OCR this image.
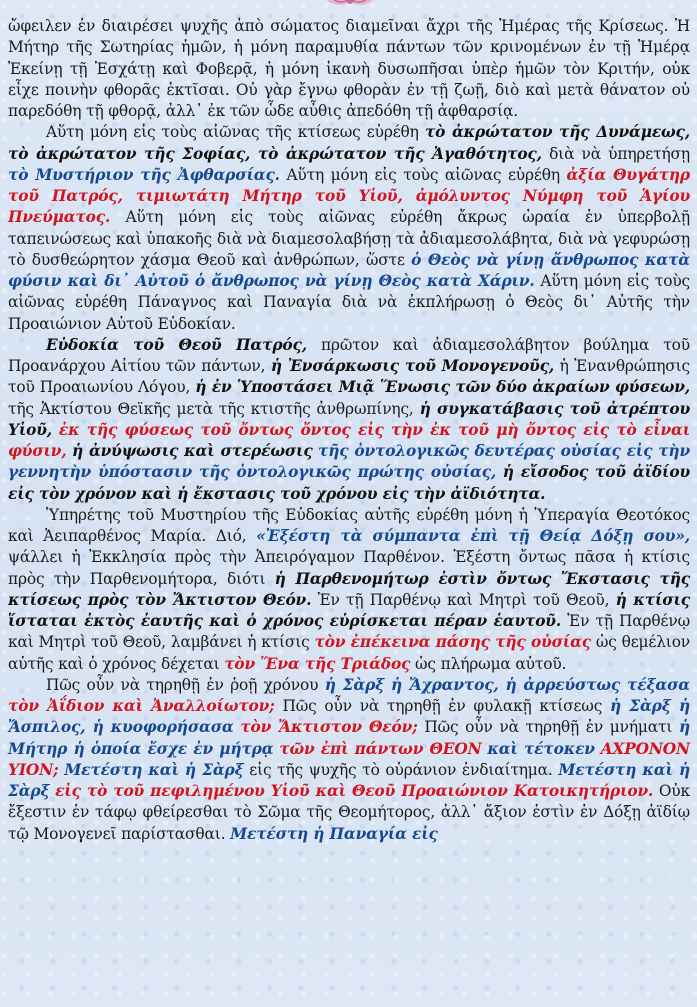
ὤφειλεν ἐν διαιρέσει ψυχῆς ἀπὸ σώματος διαμεῖναι ἄχρι τῆς Ἡμέρας τῆς Κρίσεως. Ἡ Μήτηρ τῆς Σωτηρίας ἡμῶν, ἡ μόνη παραμυθία πάντων τῶν κρινομένων ἐν τῇ Ἡμέρᾳ Ἐκείνῃ τῇ Ἐσχάτῃ καὶ Φοβερᾷ, ἡ μόνη ἱκανὴ δυσωπῆσαι ὑπὲρ ἡμῶν τὸν Κριτήν, οὐκ εἶχε ποινὴν φθορᾶς ἐκτῖσαι. Οὐ γὰρ ἔγνω φθορὰν ἐν τῇ ζωῇ, διὸ καὶ μετὰ θάνατον οὐ παρεδόθη τῇ φθορᾷ, ἀλλ᾽ ἐκ τῶν ὧδε αὖθις ἀπεδόθη τῇ ἀφθαρσίᾳ.

Αὕτη μόνη εἰς τοὺς αἰῶνας τῆς κτίσεως εὑρέθη τὸ ἀκρώτατον τῆς Δυνάμεως, τὸ ἀκρώτατον τῆς Σοφίας, τὸ ἀκρώτατον τῆς Ἀγαθότητος, διὰ νὰ ὑπηρετήσῃ τὸ Μυστήριον τῆς Ἀφθαρσίας. Αὕτη μόνη εἰς τοὺς αἰῶνας εὑρέθη ἀξία Θυγάτηρ τοῦ Πατρός, τιμιωτάτη Μήτηρ τοῦ Υἱοῦ, ἀμόλυντος Νύμφη τοῦ Ἁγίου Πνεύματος. Αὕτη μόνη εἰς τοὺς αἰῶνας εὑρέθη ἄκρως ὡραία ἐν ὑπερβολῇ ταπεινώσεως καὶ ὑπακοῆς διὰ νὰ διαμεσολαβήσῃ τὰ ἀδιαμεσολάβητα, διὰ νὰ γεφυρώσῃ τὸ δυσθεώρητον χάσμα Θεοῦ καὶ ἀνθρώπων, ὥστε ὁ Θεὸς νὰ γίνῃ ἄνθρωπος κατὰ φύσιν καὶ δι᾽ Αὐτοῦ ὁ ἄνθρωπος νὰ γίνῃ Θεὸς κατὰ Χάριν. Αὕτη μόνη εἰς τοὺς αἰῶνας εὑρέθη Πάναγνος καὶ Παναγία διὰ νὰ ἐκπλήρωσῃ ὁ Θεὸς δι᾽ Αὐτῆς τὴν Προαιώνιον Αὐτοῦ Εὐδοκίαν.

Εὐδοκία τοῦ Θεοῦ Πατρός, πρῶτον καὶ ἀδιαμεσολάβητον βούλημα τοῦ Προανάρχου Αἰτίου τῶν πάντων, ἡ Ἐνσάρκωσις τοῦ Μονογενοῦς, ἡ Ἐνανθρώπησις τοῦ Προαιωνίου Λόγου, ἡ ἐν Ὑποστάσει Μιᾷ Ἕνωσις τῶν δύο ἀκραίων φύσεων, τῆς Ἀκτίστου Θεϊκῆς μετὰ τῆς κτιστῆς ἀνθρωπίνης, ἡ συγκατάβασις τοῦ ἀτρέπτου Υἱοῦ, ἐκ τῆς φύσεως τοῦ ὄντως ὄντος εἰς τὴν ἐκ τοῦ μὴ ὄντος εἰς τὸ εἶναι φύσιν, ἡ ἀνύψωσις καὶ στερέωσις τῆς ὀντολογικῶς δευτέρας οὐσίας εἰς τὴν γεννητὴν ὑπόστασιν τῆς ὀντολογικῶς πρώτης οὐσίας, ἡ εἴσοδος τοῦ ἀϊδίου εἰς τὸν χρόνον καὶ ἡ ἔκστασις τοῦ χρόνου εἰς τὴν ἀϊδιότητα.

Ὑπηρέτης τοῦ Μυστηρίου τῆς Εὐδοκίας αὐτῆς εὑρέθη μόνη ἡ Ὑπεραγία Θεοτόκος καὶ Ἀειπαρθένος Μαρία. Διό, «Ἐξέστη τὰ σύμπαντα ἐπὶ τῇ Θείᾳ Δόξῃ σου», ψάλλει ἡ Ἐκκλησία πρὸς τὴν Ἀπειρόγαμον Παρθένον. Ἐξέστη ὄντως πᾶσα ἡ κτίσις πρὸς τὴν Παρθενομήτορα, διότι ἡ Παρθενομήτωρ ἐστὶν ὄντως Ἔκστασις τῆς κτίσεως πρὸς τὸν Ἄκτιστον Θεόν. Ἐν τῇ Παρθένῳ καὶ Μητρὶ τοῦ Θεοῦ, ἡ κτίσις ἵσταται ἐκτὸς ἑαυτῆς καὶ ὁ χρόνος εὑρίσκεται πέραν ἑαυτοῦ. Ἐν τῇ Παρθένῳ καὶ Μητρὶ τοῦ Θεοῦ, λαμβάνει ἡ κτίσις τὸν ἐπέκεινα πάσης τῆς οὐσίας ὡς θεμέλιον αὐτῆς καὶ ὁ χρόνος δέχεται τὸν Ἕνα τῆς Τριάδος ὡς πλήρωμα αὐτοῦ.

Πῶς οὖν νὰ τηρηθῇ ἐν ῥοῇ χρόνου ἡ Σὰρξ ἡ Ἄχραντος, ἡ ἀρρεύστως τέξασα τὸν Ἀΐδιον καὶ Ἀναλλοίωτον; Πῶς οὖν νὰ τηρηθῇ ἐν φυλακῇ κτίσεως ἡ Σὰρξ ἡ Ἄσπιλος, ἡ κυοφορήσασα τὸν Ἄκτιστον Θεόν; Πῶς οὖν νὰ τηρηθῇ ἐν μνήματι ἡ Μήτηρ ἡ ὁποία ἔσχε ἐν μήτρᾳ τῶν ἐπὶ πάντων ΘΕΟΝ καὶ τέτοκεν ΑΧΡΟΝΟΝ ΥΙΟΝ; Μετέστη καὶ ἡ Σὰρξ εἰς τῆς ψυχῆς τὸ οὐράνιον ἐνδιαίτημα. Μετέστη καὶ ἡ Σὰρξ εἰς τὸ τοῦ πεφιλημένου Υἱοῦ καὶ Θεοῦ Προαιώνιον Κατοικητήριον. Οὐκ ἔξεστιν ἐν τάφῳ φθείρεσθαι τὸ Σῶμα τῆς Θεομήτορος, ἀλλ᾽ ἄξιον ἐστὶν ἐν Δόξῃ ἀϊδίῳ τῷ Μονογενεῖ παρίστασθαι. Μετέστη ἡ Παναγία εἰς
